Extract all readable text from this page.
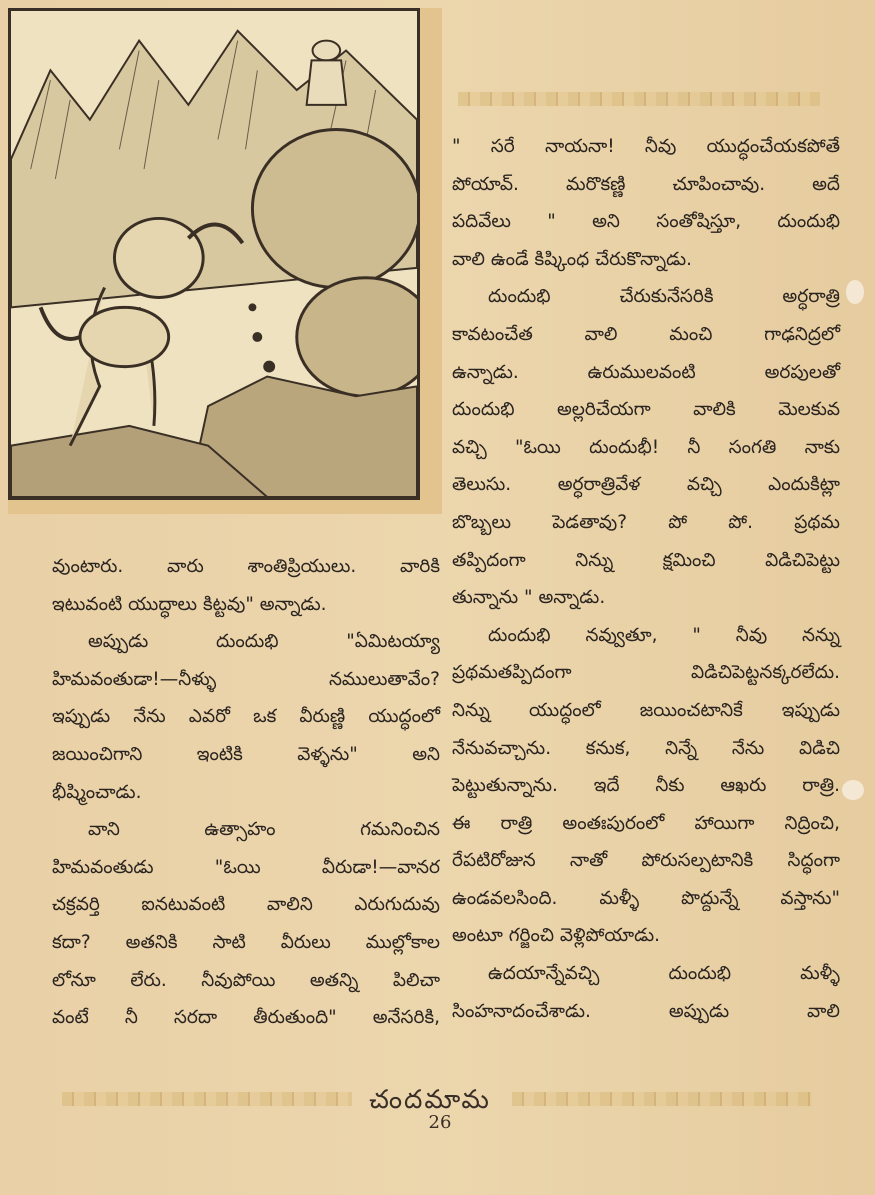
" సరే నాయనా! నీవు యుద్ధంచేయకపోతే

పోయావ్. మరొకణ్ణి చూపించావు. అదే

పదివేలు " అని సంతోషిస్తూ, దుందుభి

వాలి ఉండే కిష్కింధ చేరుకొన్నాడు.

దుందుభి చేరుకునేసరికి అర్ధరాత్రి

కావటంచేత వాలి మంచి గాఢనిద్రలో

ఉన్నాడు. ఉరుములవంటి అరపులతో

దుందుభి అల్లరిచేయగా వాలికి మెలకువ

వచ్చి "ఓయి దుందుభీ! నీ సంగతి నాకు

తెలుసు. అర్ధరాత్రివేళ వచ్చి ఎందుకిట్లా

బొబ్బలు పెడతావు? పో పో. ప్రథమ

తప్పిదంగా నిన్ను క్షమించి విడిచిపెట్టు

తున్నాను " అన్నాడు.

దుందుభి నవ్వుతూ, " నీవు నన్ను

ప్రథమతప్పిదంగా విడిచిపెట్టనక్కరలేదు.

నిన్ను యుద్ధంలో జయించటానికే ఇప్పుడు

నేనువచ్చాను. కనుక, నిన్నే నేను విడిచి

పెట్టుతున్నాను. ఇదే నీకు ఆఖరు రాత్రి.

ఈ రాత్రి అంతఃపురంలో హాయిగా నిద్రించి,

రేపటిరోజున నాతో పోరుసల్పటానికి సిద్ధంగా

ఉండవలసింది. మళ్ళీ పొద్దున్నే వస్తాను"

అంటూ గర్జించి వెళ్లిపోయాడు.

ఉదయాన్నేవచ్చి దుందుభి మళ్ళీ

సింహనాదంచేశాడు. అప్పుడు వాలి

వుంటారు. వారు శాంతిప్రియులు. వారికి

ఇటువంటి యుద్ధాలు కిట్టవు" అన్నాడు.

అప్పుడు దుందుభి "ఏమిటయ్యా

హిమవంతుడా!—నీళ్ళు నములుతావేం?

ఇప్పుడు నేను ఎవరో ఒక వీరుణ్ణి యుద్ధంలో

జయించిగాని ఇంటికి వెళ్ళను" అని

భీష్మించాడు.

వాని ఉత్సాహం గమనించిన

హిమవంతుడు "ఓయి వీరుడా!—వానర

చక్రవర్తి ఐనటువంటి వాలిని ఎరుగుదువు

కదా? అతనికి సాటి వీరులు ముల్లోకాల

లోనూ లేరు. నీవుపోయి అతన్ని పిలిచా

వంటే నీ సరదా తీరుతుంది" అనేసరికి,

చందమామ
26
